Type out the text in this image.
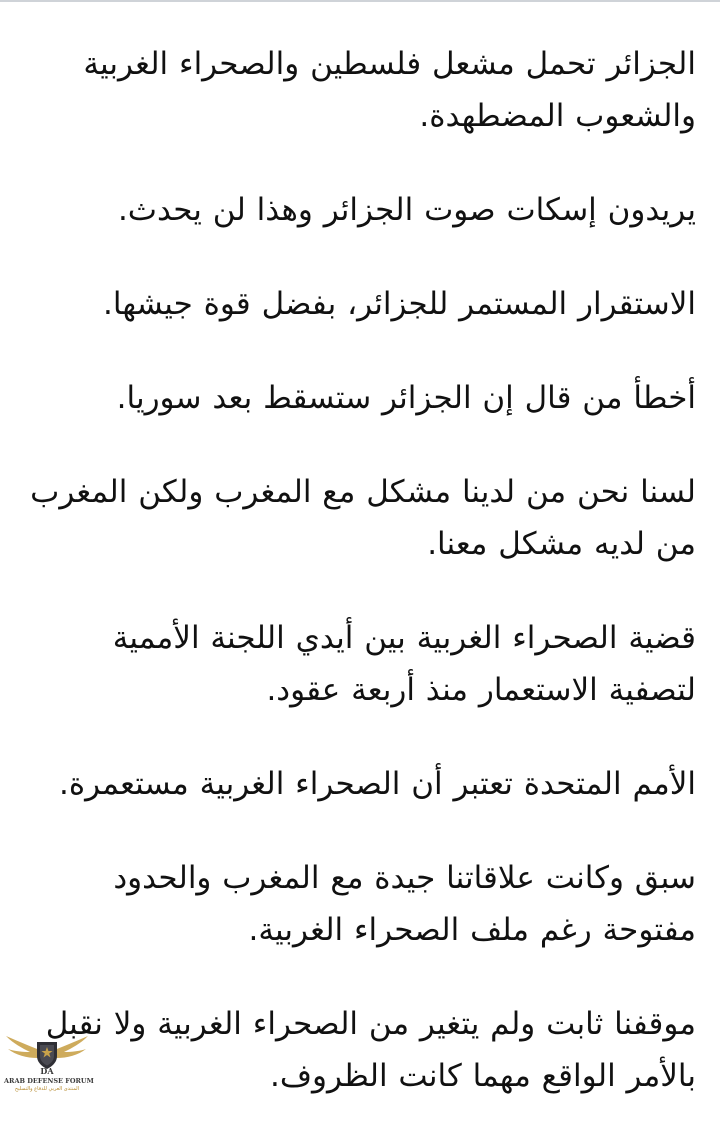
الجزائر تحمل مشعل فلسطين والصحراء الغربية
والشعوب المضطهدة.

يريدون إسكات صوت الجزائر وهذا لن يحدث.

الاستقرار المستمر للجزائر، بفضل قوة جيشها.

أخطأ من قال إن الجزائر ستسقط بعد سوريا.

لسنا نحن من لدينا مشكل مع المغرب ولكن المغرب
من لديه مشكل معنا.

قضية الصحراء الغربية بين أيدي اللجنة الأممية
لتصفية الاستعمار منذ أربعة عقود.

الأمم المتحدة تعتبر أن الصحراء الغربية مستعمرة.

سبق وكانت علاقاتنا جيدة مع المغرب والحدود
مفتوحة رغم ملف الصحراء الغربية.

موقفنا ثابت ولم يتغير من الصحراء الغربية ولا نقبل
بالأمر الواقع مهما كانت الظروف.

DA
ARAB DEFENSE FORUM
المنتدى العربي للدفاع والتسليح
